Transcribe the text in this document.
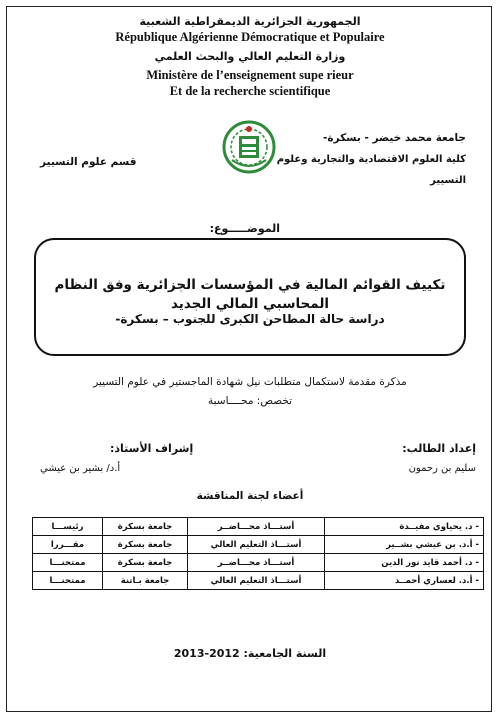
الجمهورية الجزائرية الديمقراطية الشعبية
République Algérienne Démocratique et Populaire
وزارة التعليم العالي والبحث العلمي
Ministère de l’enseignement supe rieur
Et de la recherche scientifique
جامعة محمد خيضر - بسكرة-
كلية العلوم الاقتصادية والتجارية وعلوم
التسيير
قسم علوم التسيير
الموضـــــوع:
تكييف القوائم المالية في المؤسسات الجزائرية وفق النظام المحاسبي المالي الجديد
دراسة حالة المطاحن الكبرى للجنوب – بسكرة-
مذكرة مقدمة لاستكمال متطلبات نيل شهادة الماجستير في علوم التسيير
تخصص: محــــاسبة
إعداد الطالب:
سليم بن رحمون
إشراف الأستاذ:
أ.د/ بشير بن عيشي
أعضاء لجنة المناقشة
- د. يحياوي مفيــدة	أستـــاذ محـــاضــر	جامعة بسكرة	رئيســـا
- أ.د. بن عيشي بشــير	أستـــاذ التعليم العالي	جامعة بسكرة	مقـــررا
- د. أحمد قايد نور الدين	أستـــاذ محـــاضــر	جامعة بسكرة	ممتحنـــا
- أ.د. لعساري أحمــد	أستـــاذ التعليم العالي	جامعة بـاتنة	ممتحنـــا
السنة الجامعية: 2012-2013
